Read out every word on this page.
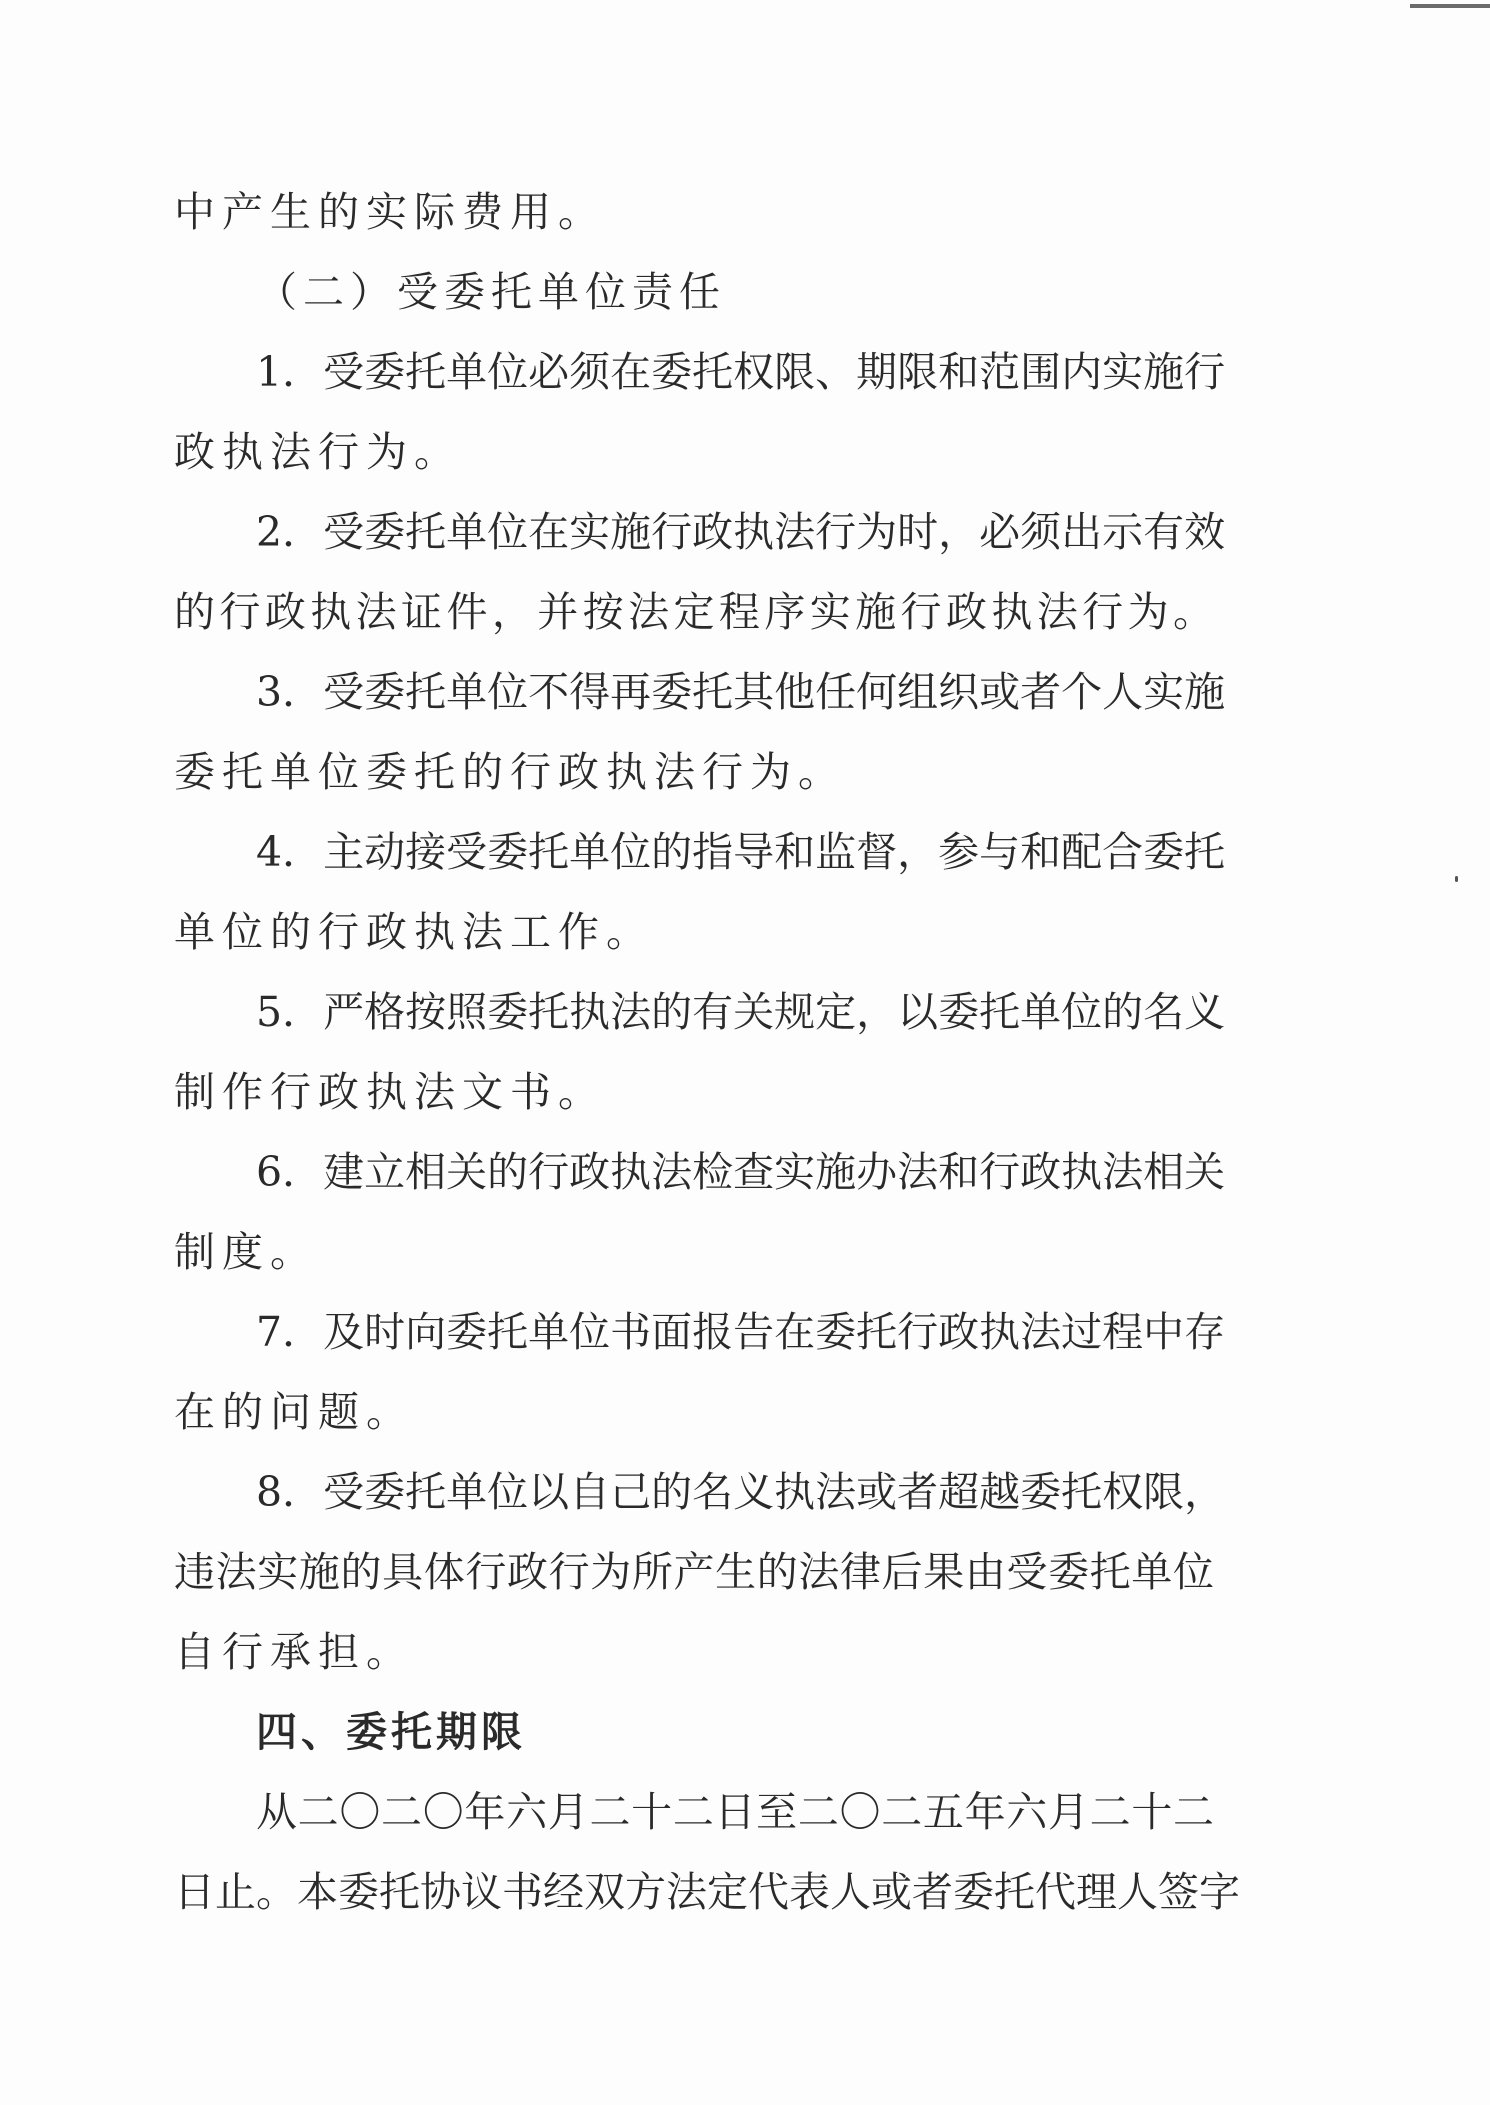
中产生的实际费用。

（二）受委托单位责任

1．受委托单位必须在委托权限、期限和范围内实施行

政执法行为。

2．受委托单位在实施行政执法行为时，必须出示有效

的行政执法证件，并按法定程序实施行政执法行为。

3．受委托单位不得再委托其他任何组织或者个人实施

委托单位委托的行政执法行为。

4．主动接受委托单位的指导和监督，参与和配合委托

单位的行政执法工作。

5．严格按照委托执法的有关规定，以委托单位的名义

制作行政执法文书。

6．建立相关的行政执法检查实施办法和行政执法相关

制度。

7．及时向委托单位书面报告在委托行政执法过程中存

在的问题。

8．受委托单位以自己的名义执法或者超越委托权限，

违法实施的具体行政行为所产生的法律后果由受委托单位

自行承担。

四、委托期限

从二〇二〇年六月二十二日至二〇二五年六月二十二

日止。本委托协议书经双方法定代表人或者委托代理人签字
